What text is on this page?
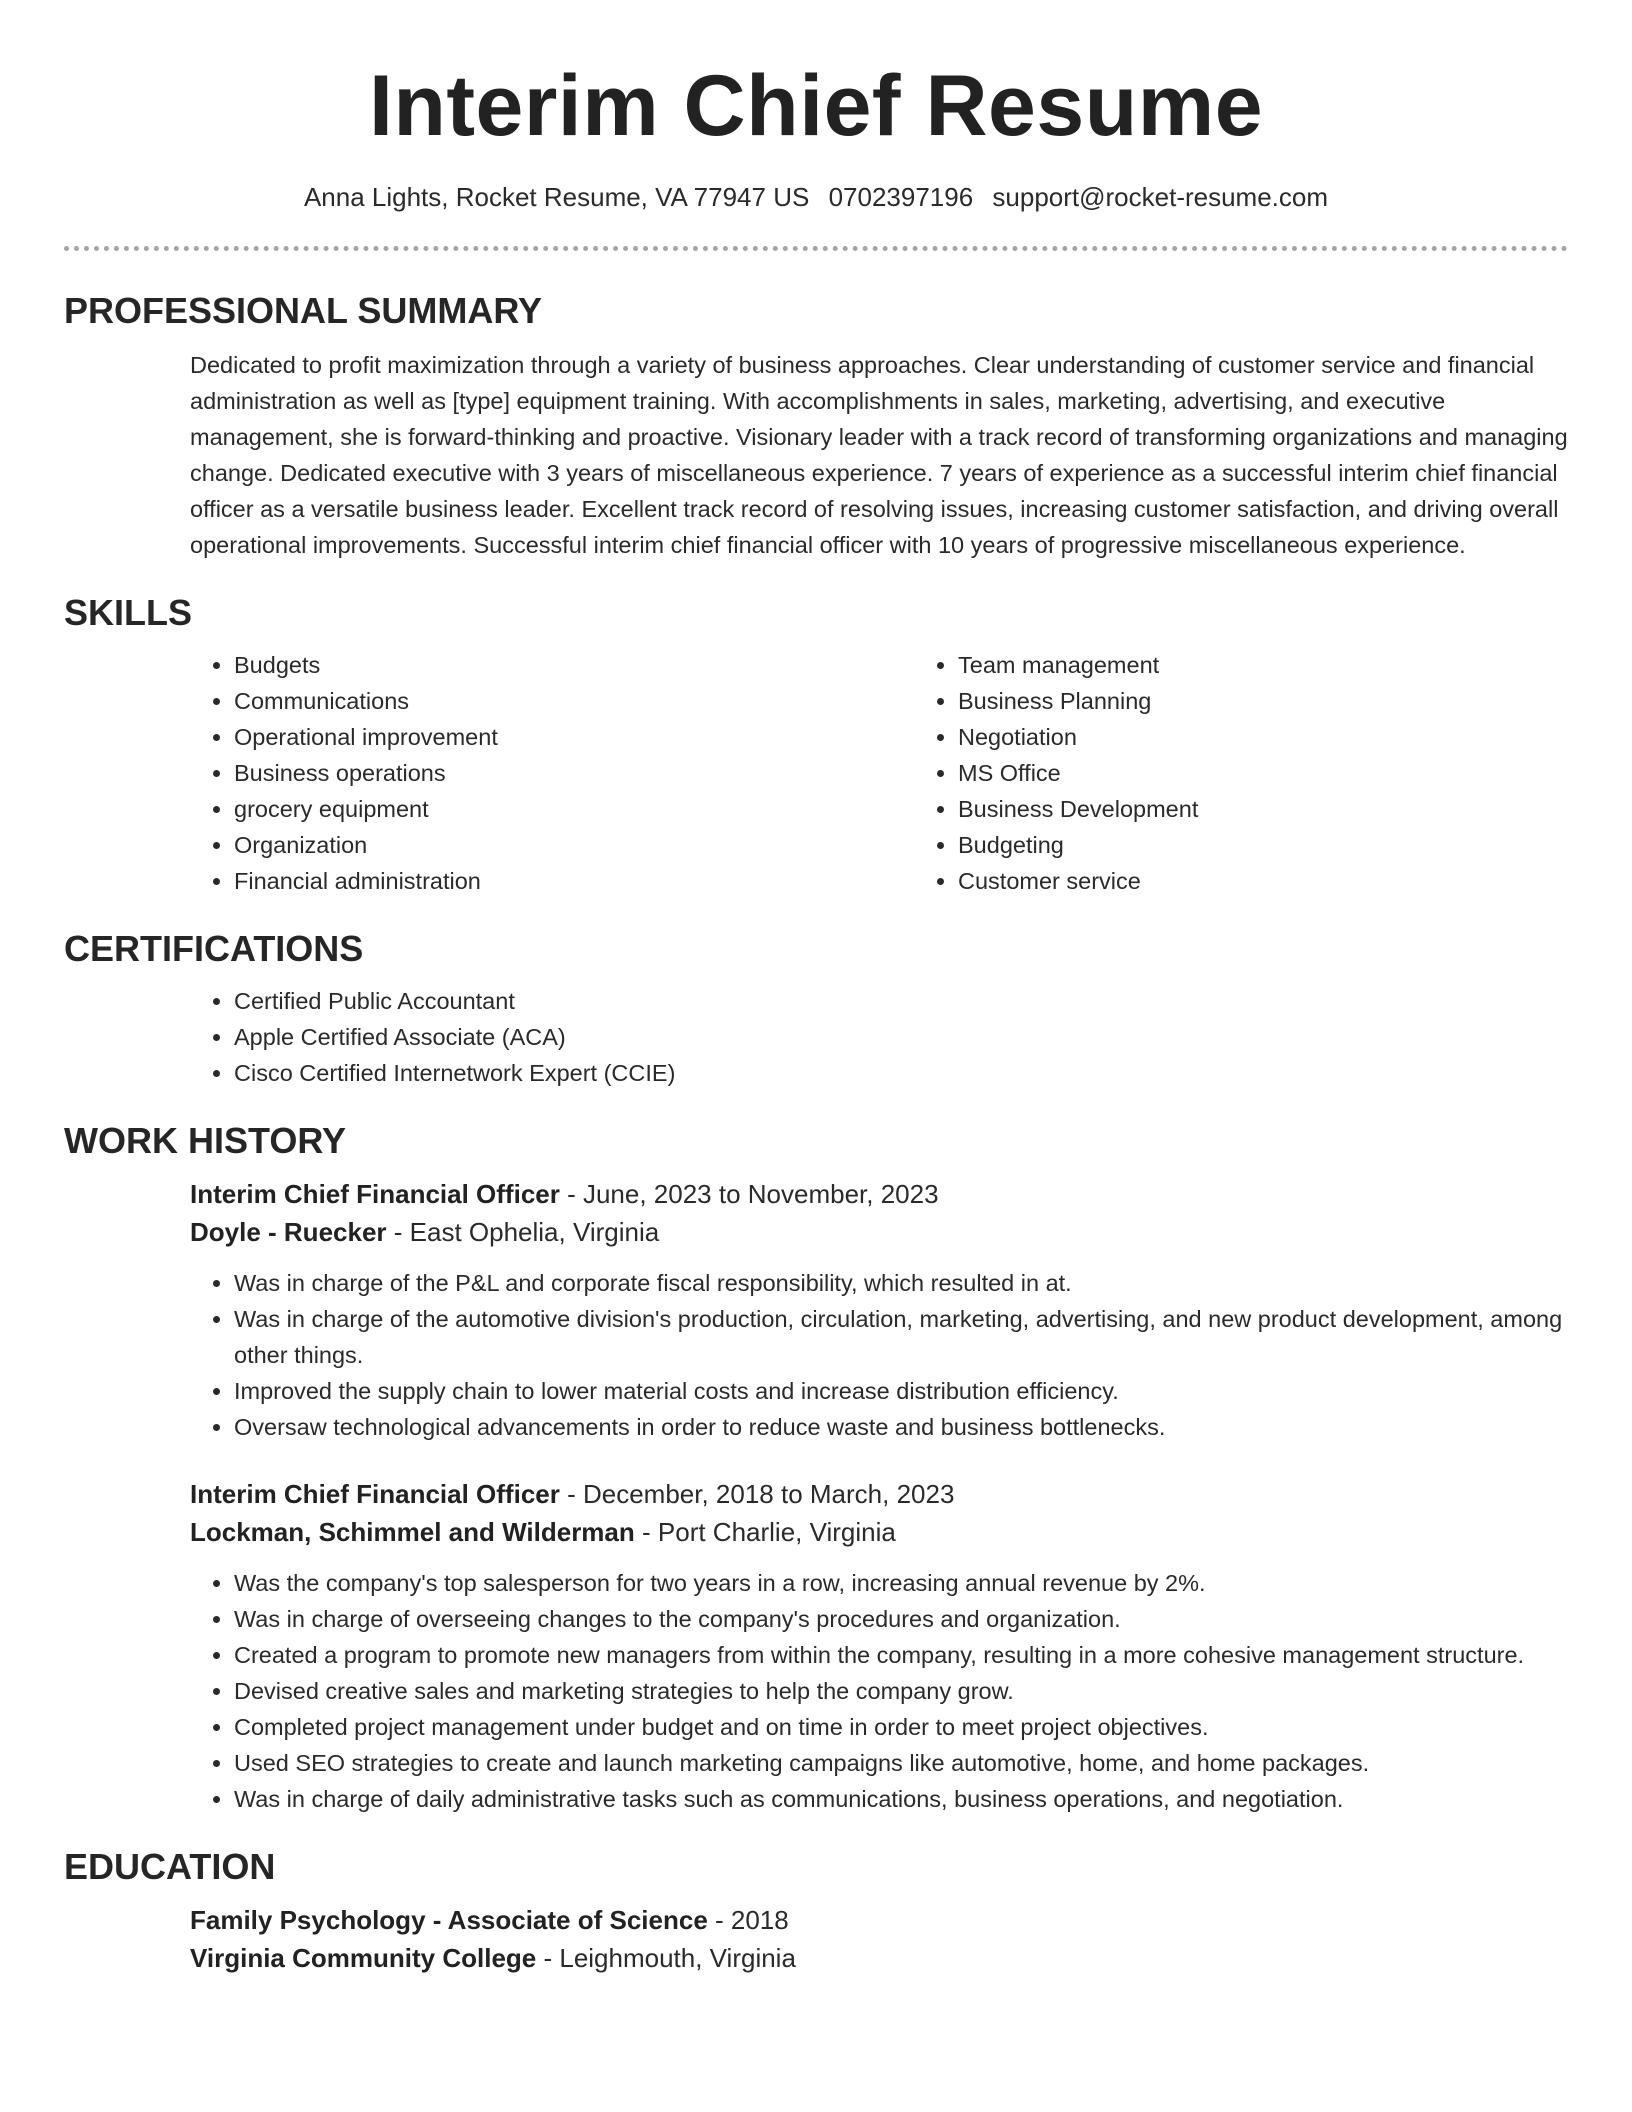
Interim Chief Resume
Anna Lights, Rocket Resume, VA 77947 US 0702397196 support@rocket-resume.com
PROFESSIONAL SUMMARY

Dedicated to profit maximization through a variety of business approaches. Clear understanding of customer service and financial administration as well as [type] equipment training. With accomplishments in sales, marketing, advertising, and executive management, she is forward-thinking and proactive. Visionary leader with a track record of transforming organizations and managing change. Dedicated executive with 3 years of miscellaneous experience. 7 years of experience as a successful interim chief financial officer as a versatile business leader. Excellent track record of resolving issues, increasing customer satisfaction, and driving overall operational improvements. Successful interim chief financial officer with 10 years of progressive miscellaneous experience.

SKILLS
• Budgets
• Communications
• Operational improvement
• Business operations
• grocery equipment
• Organization
• Financial administration
• Team management
• Business Planning
• Negotiation
• MS Office
• Business Development
• Budgeting
• Customer service
CERTIFICATIONS
• Certified Public Accountant
• Apple Certified Associate (ACA)
• Cisco Certified Internetwork Expert (CCIE)
WORK HISTORY
Interim Chief Financial Officer - June, 2023 to November, 2023
Doyle - Ruecker - East Ophelia, Virginia
• Was in charge of the P&L and corporate fiscal responsibility, which resulted in at.
• Was in charge of the automotive division's production, circulation, marketing, advertising, and new product development, among other things.
• Improved the supply chain to lower material costs and increase distribution efficiency.
• Oversaw technological advancements in order to reduce waste and business bottlenecks.
Interim Chief Financial Officer - December, 2018 to March, 2023
Lockman, Schimmel and Wilderman - Port Charlie, Virginia
• Was the company's top salesperson for two years in a row, increasing annual revenue by 2%.
• Was in charge of overseeing changes to the company's procedures and organization.
• Created a program to promote new managers from within the company, resulting in a more cohesive management structure.
• Devised creative sales and marketing strategies to help the company grow.
• Completed project management under budget and on time in order to meet project objectives.
• Used SEO strategies to create and launch marketing campaigns like automotive, home, and home packages.
• Was in charge of daily administrative tasks such as communications, business operations, and negotiation.
EDUCATION
Family Psychology - Associate of Science - 2018
Virginia Community College - Leighmouth, Virginia
